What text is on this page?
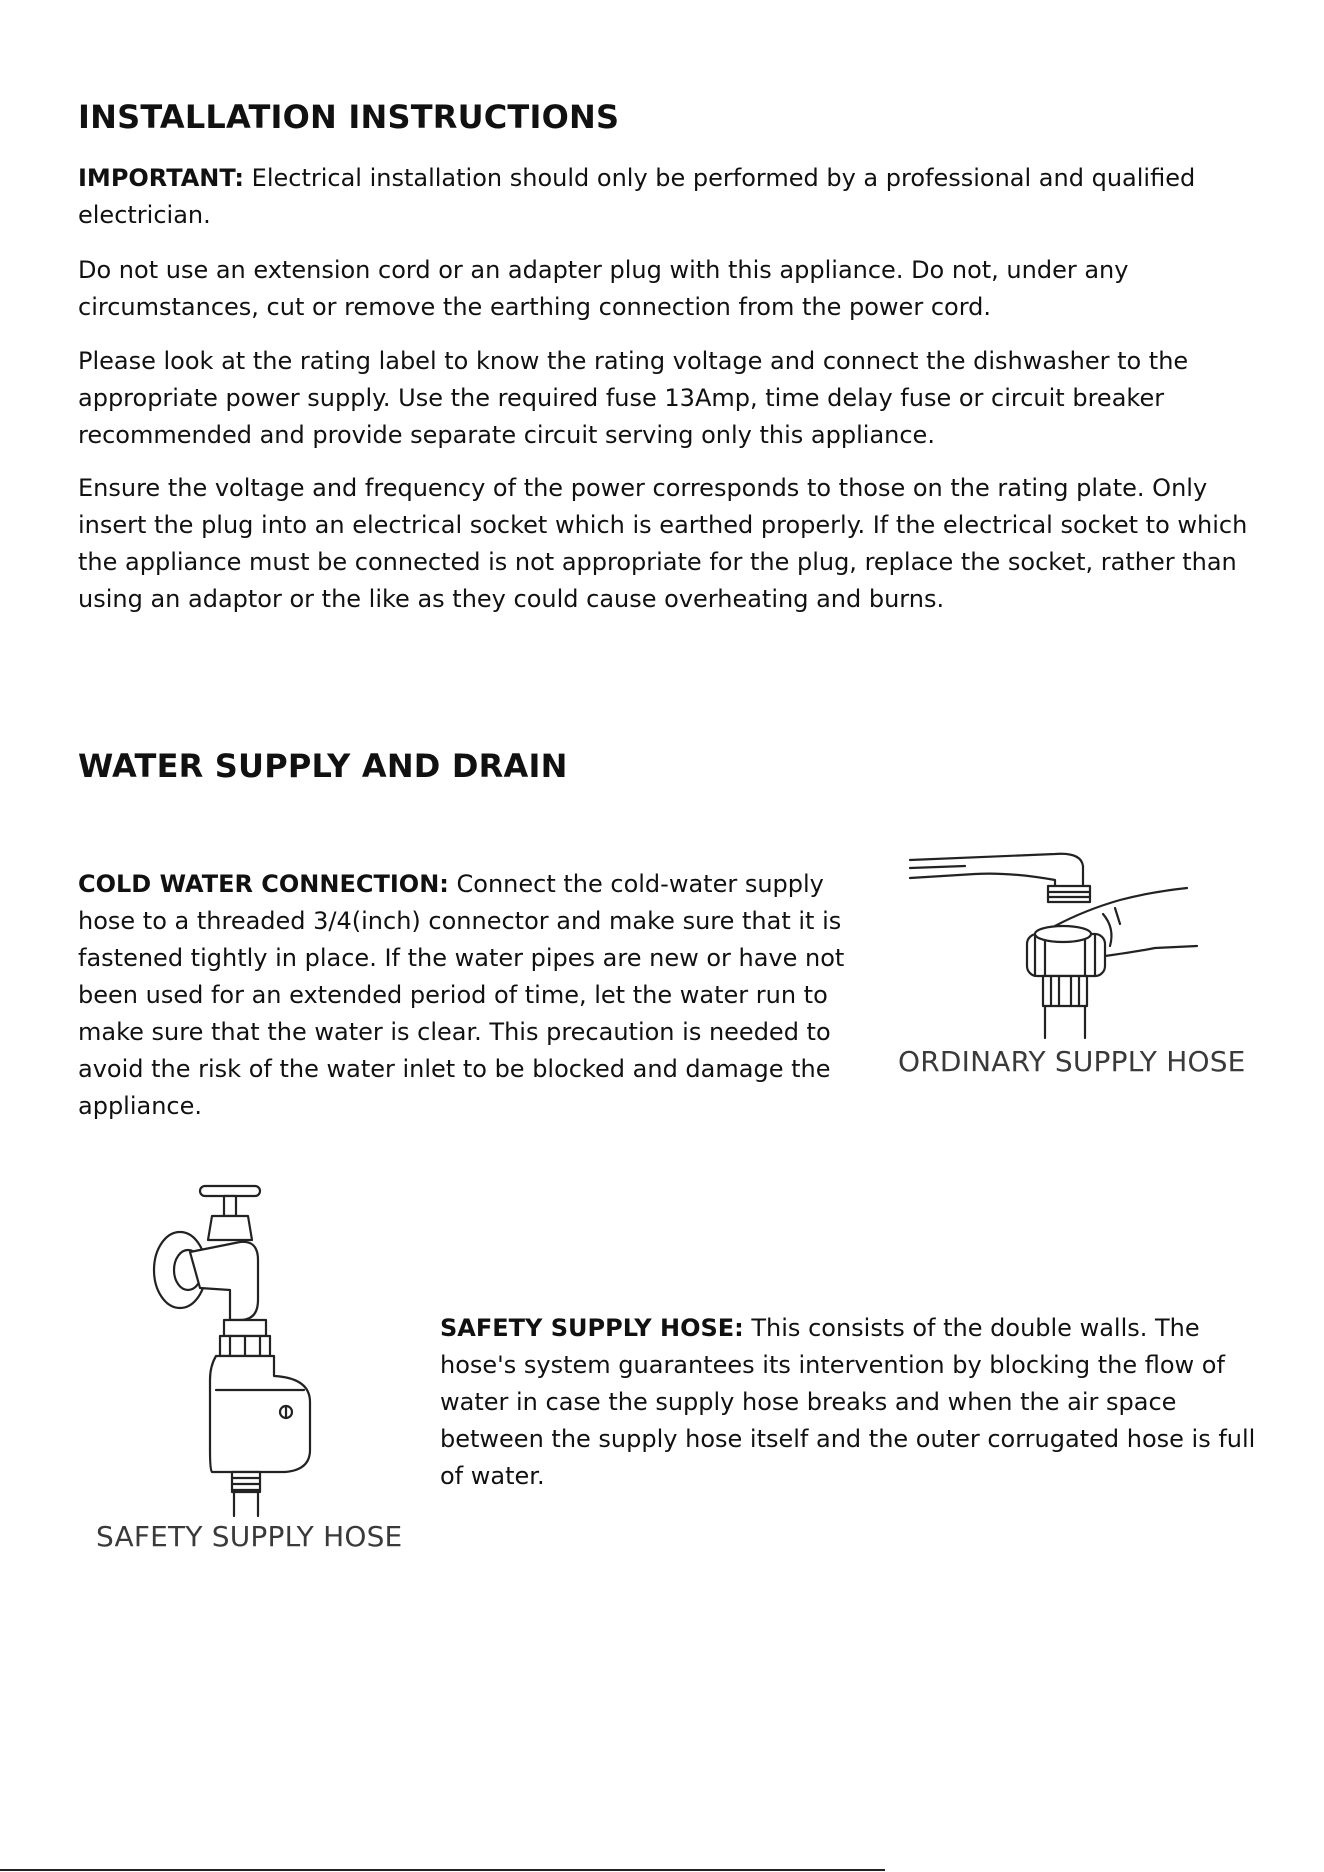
INSTALLATION INSTRUCTIONS

IMPORTANT: Electrical installation should only be performed by a professional and qualified electrician.

Do not use an extension cord or an adapter plug with this appliance. Do not, under any circumstances, cut or remove the earthing connection from the power cord.

Please look at the rating label to know the rating voltage and connect the dishwasher to the appropriate power supply. Use the required fuse 13Amp, time delay fuse or circuit breaker recommended and provide separate circuit serving only this appliance.

Ensure the voltage and frequency of the power corresponds to those on the rating plate. Only insert the plug into an electrical socket which is earthed properly. If the electrical socket to which the appliance must be connected is not appropriate for the plug, replace the socket, rather than using an adaptor or the like as they could cause overheating and burns.

WATER SUPPLY AND DRAIN

COLD WATER CONNECTION: Connect the cold-water supply hose to a threaded 3/4(inch) connector and make sure that it is fastened tightly in place. If the water pipes are new or have not been used for an extended period of time, let the water run to make sure that the water is clear. This precaution is needed to avoid the risk of the water inlet to be blocked and damage the appliance.

ORDINARY SUPPLY HOSE
SAFETY SUPPLY HOSE

SAFETY SUPPLY HOSE: This consists of the double walls. The hose's system guarantees its intervention by blocking the flow of water in case the supply hose breaks and when the air space between the supply hose itself and the outer corrugated hose is full of water.
